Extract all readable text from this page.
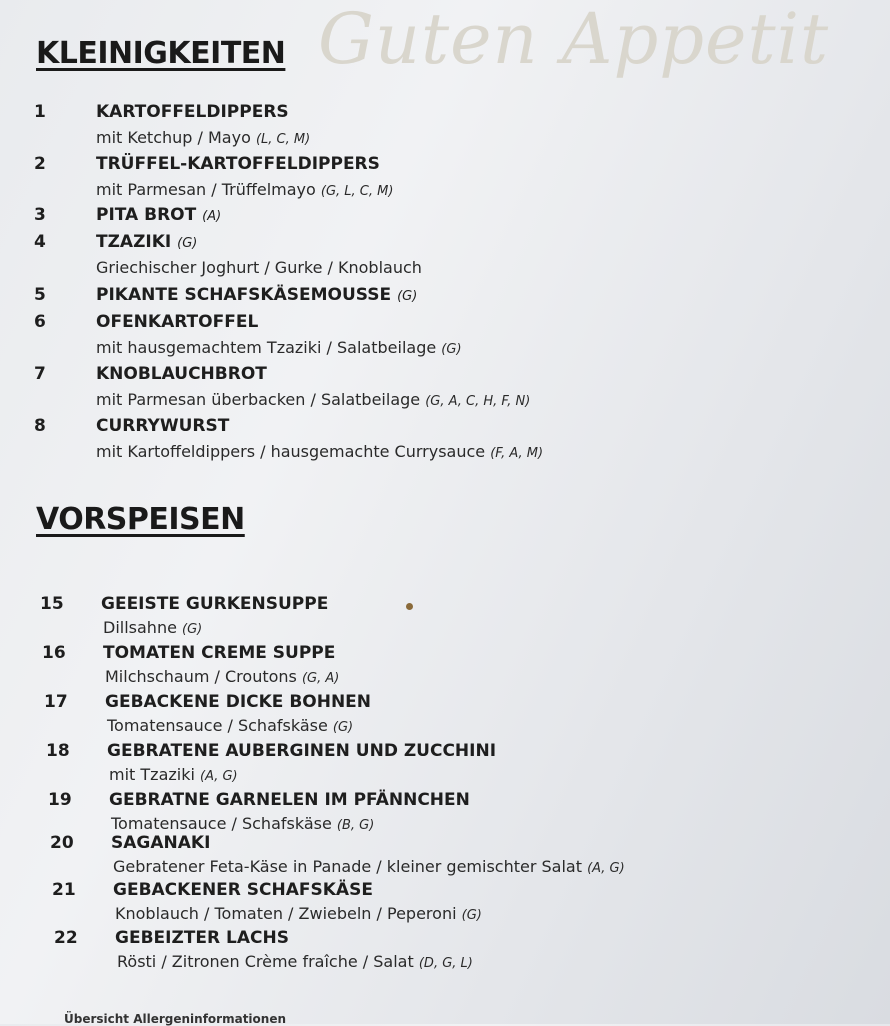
Guten Appetit
KLEINIGKEITEN
1	KARTOFFELDIPPERS
mit Ketchup / Mayo (L, C, M)
2	TRÜFFEL-KARTOFFELDIPPERS
mit Parmesan / Trüffelmayo (G, L, C, M)
3	PITA BROT (A)
4	TZAZIKI (G)
Griechischer Joghurt / Gurke / Knoblauch
5	PIKANTE SCHAFSKÄSEMOUSSE (G)
6	OFENKARTOFFEL
mit hausgemachtem Tzaziki / Salatbeilage (G)
7	KNOBLAUCHBROT
mit Parmesan überbacken / Salatbeilage (G, A, C, H, F, N)
8	CURRYWURST
mit Kartoffeldippers / hausgemachte Currysauce (F, A, M)
VORSPEISEN
15 GEEISTE GURKENSUPPE
Dillsahne (G)
16 TOMATEN CREME SUPPE
Milchschaum / Croutons (G, A)
17 GEBACKENE DICKE BOHNEN
Tomatensauce / Schafskäse (G)
18 GEBRATENE AUBERGINEN UND ZUCCHINI
mit Tzaziki (A, G)
19 GEBRATNE GARNELEN IM PFÄNNCHEN
Tomatensauce / Schafskäse (B, G)
20 SAGANAKI
Gebratener Feta-Käse in Panade / kleiner gemischter Salat (A, G)
21 GEBACKENER SCHAFSKÄSE
Knoblauch / Tomaten / Zwiebeln / Peperoni (G)
22 GEBEIZTER LACHS
Rösti / Zitronen Crème fraîche / Salat (D, G, L)
Übersicht Allergeninformationen
